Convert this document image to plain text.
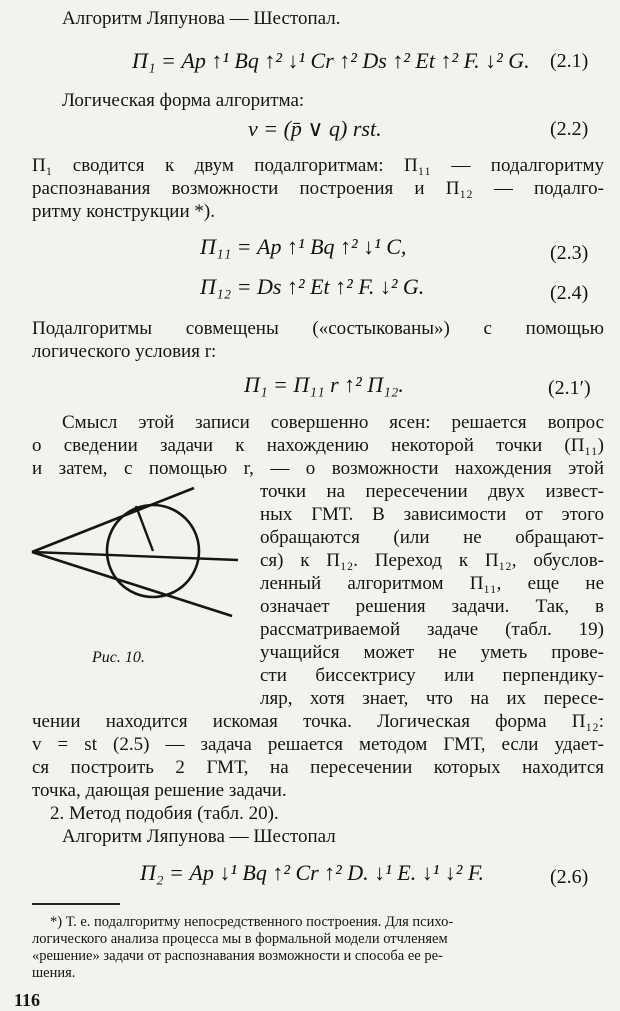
Алгоритм Ляпунова — Шестопал.
П₁ = Ap ↑¹ Bq ↑² ↓¹ Cr ↑² Ds ↑² Et ↑² F. ↓² G. (2.1)
Логическая форма алгоритма:
v = (p̄ ∨ q) rst.	(2.2)
П₁ сводится к двум подалгоритмам: П₁₁ — подалгоритму
распознавания возможности построения и П₁₂ — подалго-
ритму конструкции *).
П₁₁ = Ap ↑¹ Bq ↑² ↓¹ C,	(2.3)
П₁₂ = Ds ↑² Et ↑² F. ↓² G.	(2.4)
Подалгоритмы совмещены («состыкованы») с помощью
логического условия r:
П₁ = П₁₁ r ↑² П₁₂.	(2.1′)
Смысл этой записи совершенно ясен: решается вопрос
о сведении задачи к нахождению некоторой точки (П₁₁)
и затем, с помощью r, — о возможности нахождения этой
точки на пересечении двух извест-
ных ГМТ. В зависимости от этого
обращаются (или не обращают-
ся) к П₁₂. Переход к П₁₂, обуслов-
ленный алгоритмом П₁₁, еще не
означает решения задачи. Так, в
рассматриваемой задаче (табл. 19)
учащийся может не уметь прове-
сти биссектрису или перпендику-
ляр, хотя знает, что на их пересе-
чении находится искомая точка. Логическая форма П₁₂:
v = st (2.5) — задача решается методом ГМТ, если удает-
ся построить 2 ГМТ, на пересечении которых находится
точка, дающая решение задачи.
2. Метод подобия (табл. 20).
Алгоритм Ляпунова — Шестопал
П₂ = Ap ↓¹ Bq ↑² Cr ↑² D. ↓¹ E. ↓¹ ↓² F.	(2.6)
Рис. 10.
*) Т. е. подалгоритму непосредственного построения. Для психо-
логического анализа процесса мы в формальной модели отчленяем
«решение» задачи от распознавания возможности и способа ее ре-
шения.
116
